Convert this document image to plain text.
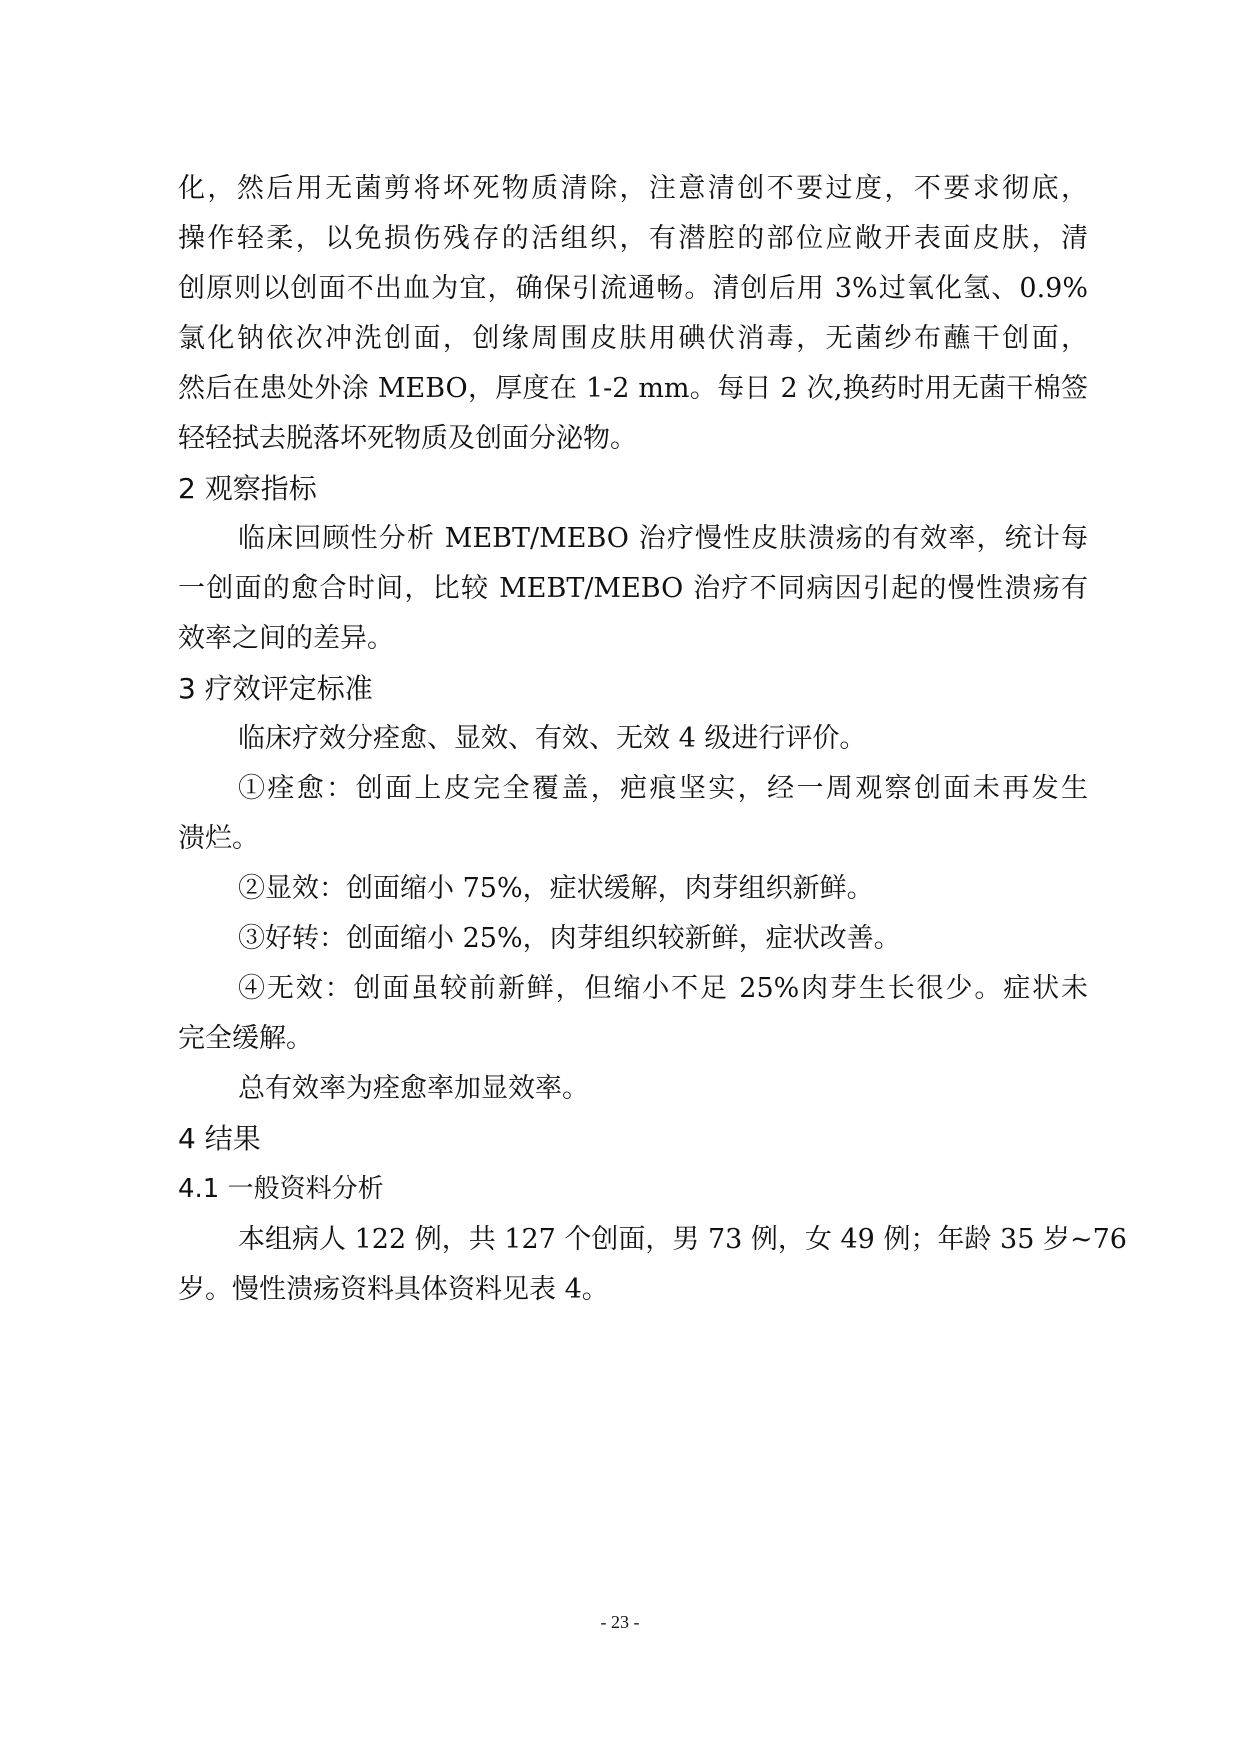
化，然后用无菌剪将坏死物质清除，注意清创不要过度，不要求彻底，
操作轻柔，以免损伤残存的活组织，有潜腔的部位应敞开表面皮肤，清
创原则以创面不出血为宜，确保引流通畅。清创后用 3%过氧化氢、0.9%
氯化钠依次冲洗创面，创缘周围皮肤用碘伏消毒，无菌纱布蘸干创面，
然后在患处外涂 MEBO，厚度在 1-2 mm。每日 2 次,换药时用无菌干棉签
轻轻拭去脱落坏死物质及创面分泌物。
2 观察指标
临床回顾性分析 MEBT/MEBO 治疗慢性皮肤溃疡的有效率，统计每
一创面的愈合时间，比较 MEBT/MEBO 治疗不同病因引起的慢性溃疡有
效率之间的差异。
3 疗效评定标准
临床疗效分痊愈、显效、有效、无效 4 级进行评价。
①痊愈：创面上皮完全覆盖，疤痕坚实，经一周观察创面未再发生
溃烂。
②显效：创面缩小 75%，症状缓解，肉芽组织新鲜。
③好转：创面缩小 25%，肉芽组织较新鲜，症状改善。
④无效：创面虽较前新鲜，但缩小不足 25%肉芽生长很少。症状未
完全缓解。
总有效率为痊愈率加显效率。
4 结果
4.1 一般资料分析
本组病人 122 例，共 127 个创面，男 73 例，女 49 例；年龄 35 岁~76
岁。慢性溃疡资料具体资料见表 4。
- 23 -
